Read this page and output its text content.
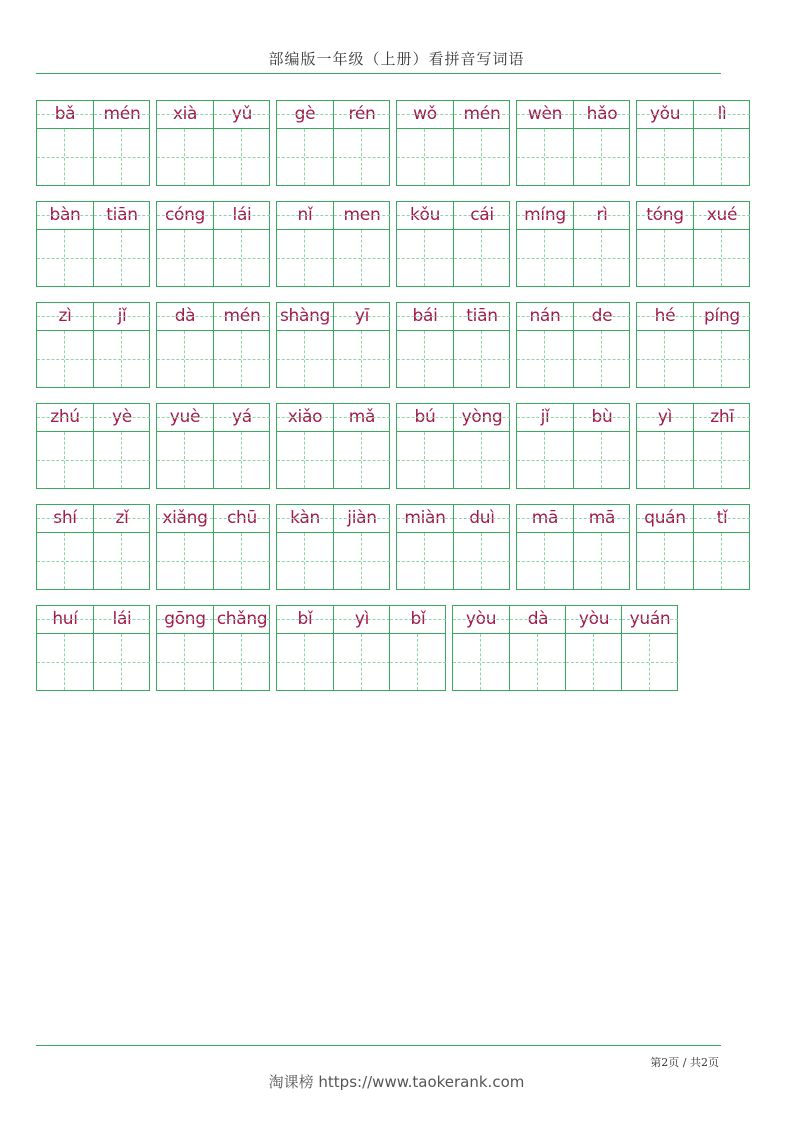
部编版一年级（上册）看拼音写词语
bǎ	mén	xià	yǔ	gè	rén	wǒ	mén	wèn	hǎo	yǒu	lì
bàn	tiān	cóng	lái	nǐ	men	kǒu	cái	míng	rì	tóng	xué
zì	jǐ	dà	mén	shàng	yī	bái	tiān	nán	de	hé	píng
zhú	yè	yuè	yá	xiǎo	mǎ	bú	yòng	jǐ	bù	yì	zhī
shí	zǐ	xiǎng	chū	kàn	jiàn	miàn	duì	mā	mā	quán	tǐ
huí	lái	gōng chǎng	bǐ	yì	bǐ	yòu	dà	yòu	yuán
第2页 / 共2页
淘课榜 https://www.taokerank.com
